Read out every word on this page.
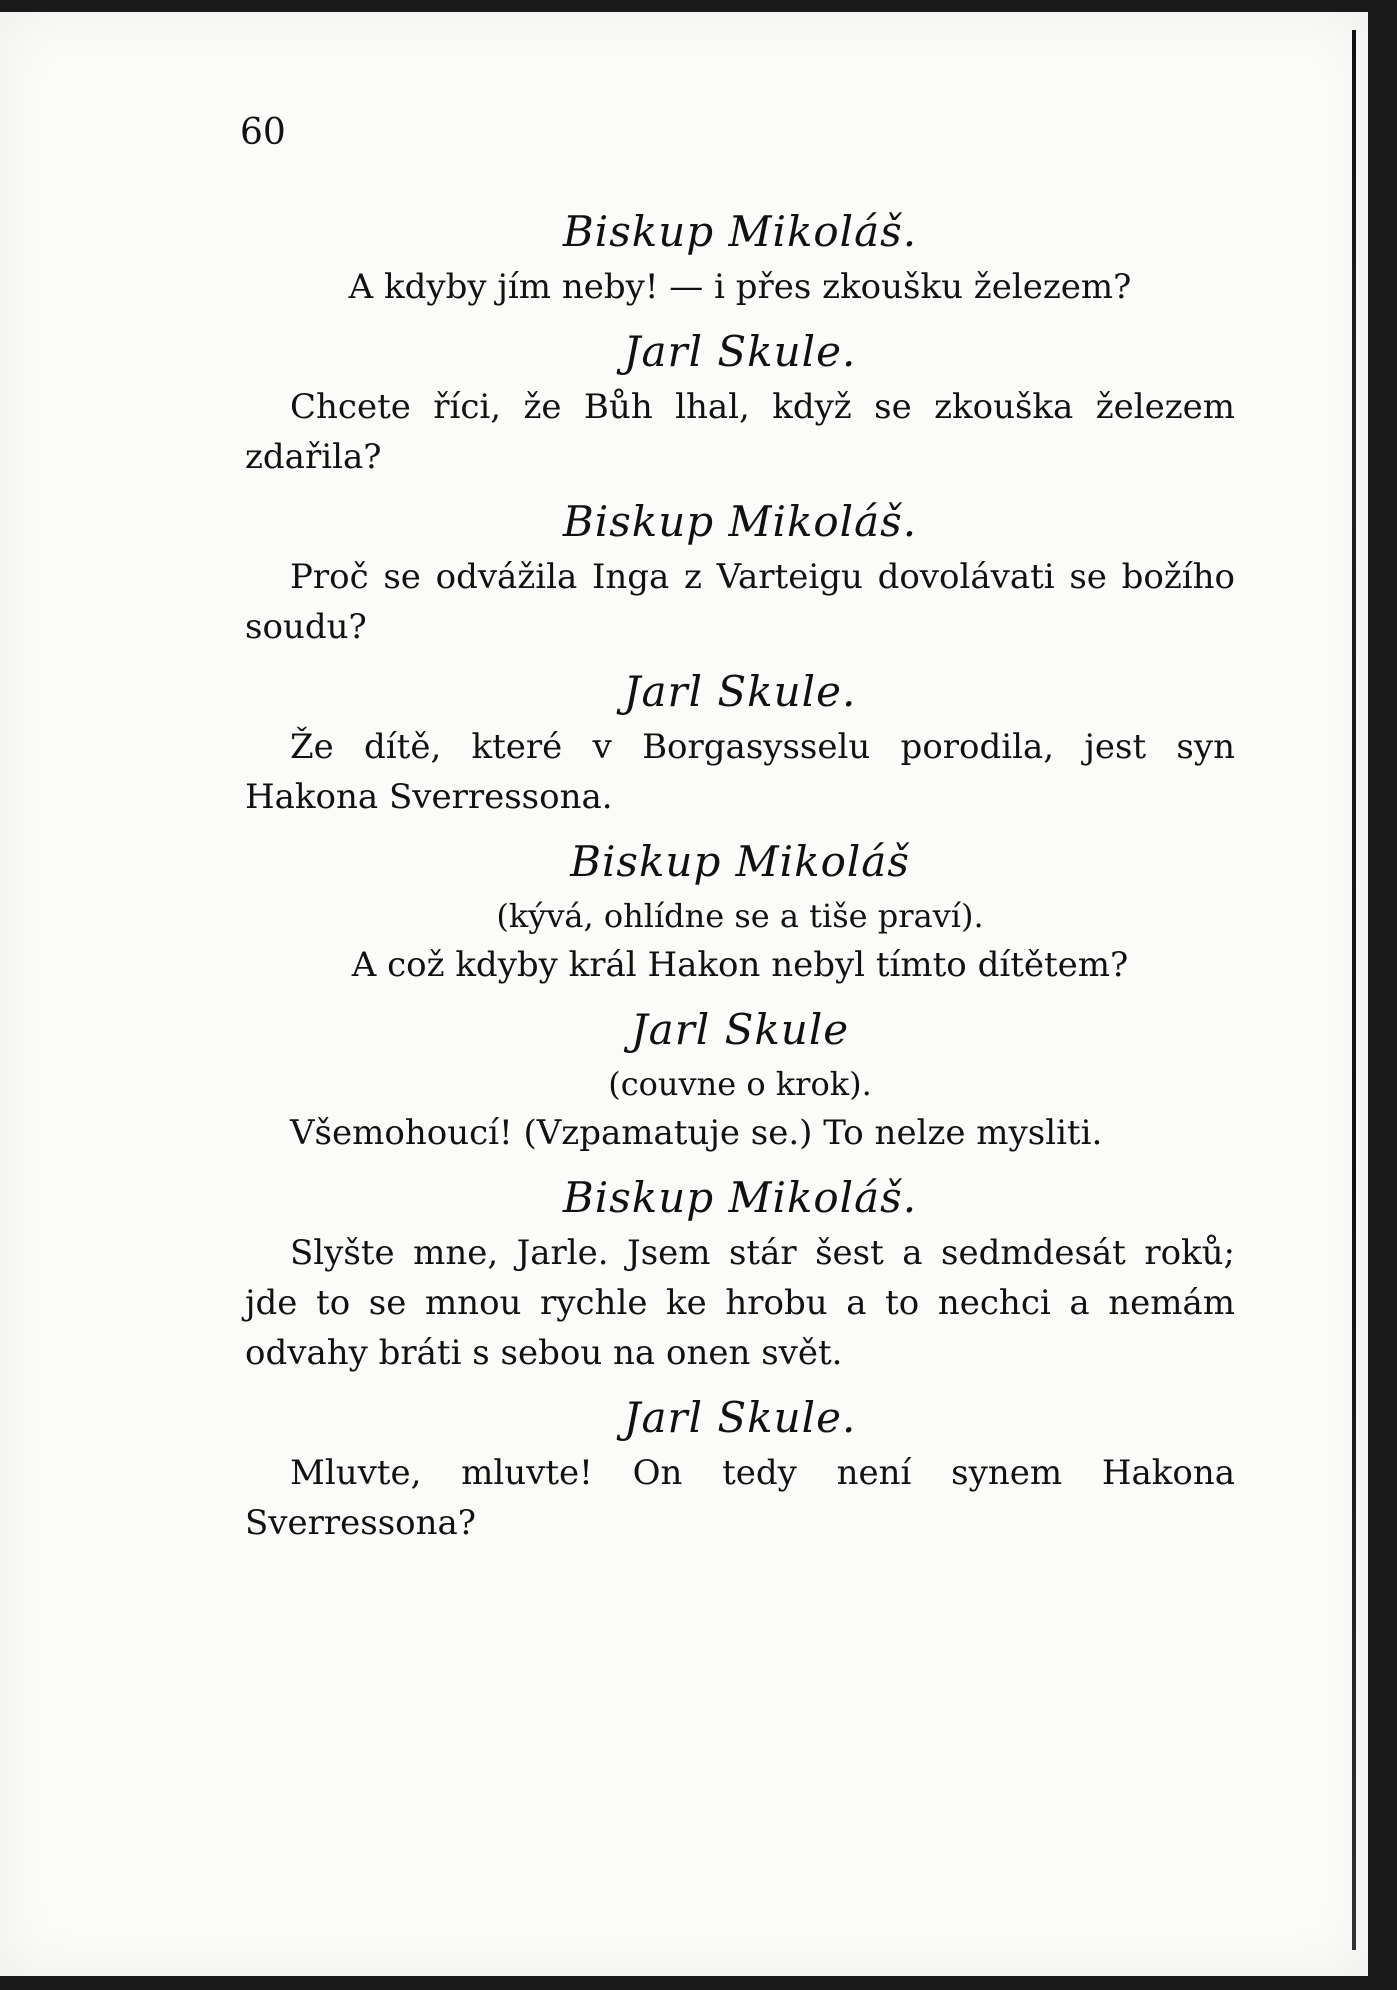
60
Biskup Mikoláš.

A kdyby jím neby! — i přes zkoušku železem?

Jarl Skule.

Chcete říci, že Bůh lhal, když se zkouška železem zdařila?

Biskup Mikoláš.

Proč se odvážila Inga z Varteigu dovolávati se božího soudu?

Jarl Skule.

Že dítě, které v Borgasysselu porodila, jest syn Hakona Sverressona.

Biskup Mikoláš

(kývá, ohlídne se a tiše praví).

A což kdyby král Hakon nebyl tímto dítětem?

Jarl Skule

(couvne o krok).

Všemohoucí! (Vzpamatuje se.) To nelze mysliti.

Biskup Mikoláš.

Slyšte mne, Jarle. Jsem stár šest a sedmdesát roků; jde to se mnou rychle ke hrobu a to nechci a nemám odvahy bráti s sebou na onen svět.

Jarl Skule.

Mluvte, mluvte! On tedy není synem Hakona Sverressona?
